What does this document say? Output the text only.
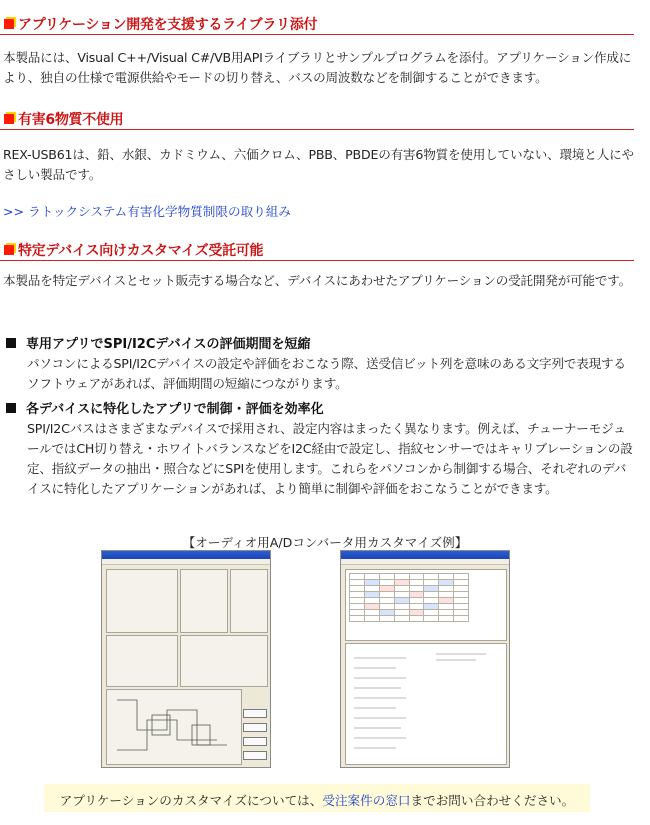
アプリケーション開発を支援するライブラリ添付
本製品には、Visual C++/Visual C#/VB用APIライブラリとサンプルプログラムを添付。アプリケーション作成により、独自の仕様で電源供給やモードの切り替え、バスの周波数などを制御することができます。
有害6物質不使用
REX-USB61は、鉛、水銀、カドミウム、六価クロム、PBB、PBDEの有害6物質を使用していない、環境と人にやさしい製品です。
>> ラトックシステム有害化学物質制限の取り組み
特定デバイス向けカスタマイズ受託可能
本製品を特定デバイスとセット販売する場合など、デバイスにあわせたアプリケーションの受託開発が可能です。
専用アプリでSPI/I2Cデバイスの評価期間を短縮
パソコンによるSPI/I2Cデバイスの設定や評価をおこなう際、送受信ビット列を意味のある文字列で表現するソフトウェアがあれば、評価期間の短縮につながります。
各デバイスに特化したアプリで制御・評価を効率化
SPI/I2Cバスはさまざまなデバイスで採用され、設定内容はまったく異なります。例えば、チューナーモジュールではCH切り替え・ホワイトバランスなどをI2C経由で設定し、指紋センサーではキャリブレーションの設定、指紋データの抽出・照合などにSPIを使用します。これらをパソコンから制御する場合、それぞれのデバイスに特化したアプリケーションがあれば、より簡単に制御や評価をおこなうことができます。
【オーディオ用A/Dコンバータ用カスタマイズ例】

アプリケーションのカスタマイズについては、受注案件の窓口までお問い合わせください。
